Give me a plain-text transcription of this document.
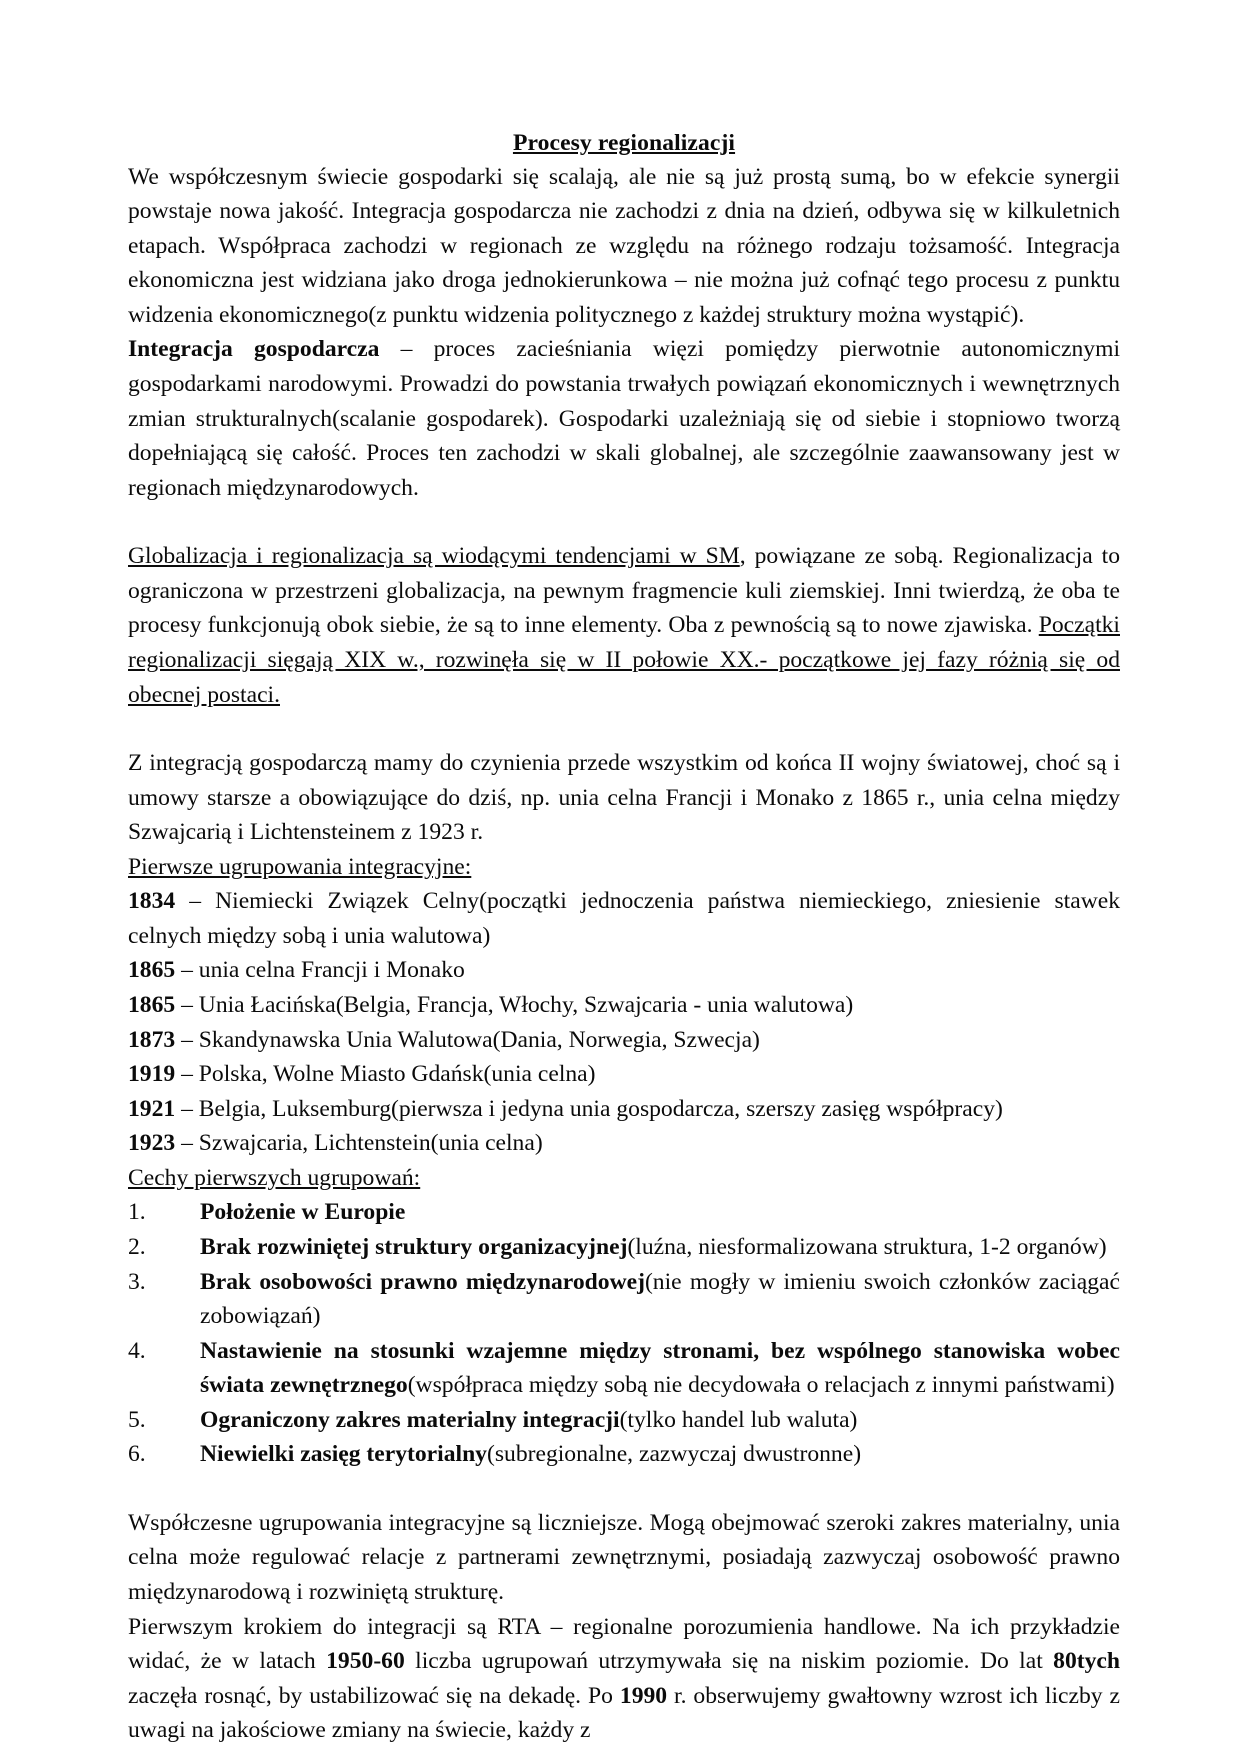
Procesy regionalizacji

We współczesnym świecie gospodarki się scalają, ale nie są już prostą sumą, bo w efekcie synergii powstaje nowa jakość. Integracja gospodarcza nie zachodzi z dnia na dzień, odbywa się w kilkuletnich etapach. Współpraca zachodzi w regionach ze względu na różnego rodzaju tożsamość. Integracja ekonomiczna jest widziana jako droga jednokierunkowa – nie można już cofnąć tego procesu z punktu widzenia ekonomicznego(z punktu widzenia politycznego z każdej struktury można wystąpić).

Integracja gospodarcza – proces zacieśniania więzi pomiędzy pierwotnie autonomicznymi gospodarkami narodowymi. Prowadzi do powstania trwałych powiązań ekonomicznych i wewnętrznych zmian strukturalnych(scalanie gospodarek). Gospodarki uzależniają się od siebie i stopniowo tworzą dopełniającą się całość. Proces ten zachodzi w skali globalnej, ale szczególnie zaawansowany jest w regionach międzynarodowych.

Globalizacja i regionalizacja są wiodącymi tendencjami w SM, powiązane ze sobą. Regionalizacja to ograniczona w przestrzeni globalizacja, na pewnym fragmencie kuli ziemskiej. Inni twierdzą, że oba te procesy funkcjonują obok siebie, że są to inne elementy. Oba z pewnością są to nowe zjawiska. Początki regionalizacji sięgają XIX w., rozwinęła się w II połowie XX.- początkowe jej fazy różnią się od obecnej postaci.

Z integracją gospodarczą mamy do czynienia przede wszystkim od końca II wojny światowej, choć są i umowy starsze a obowiązujące do dziś, np. unia celna Francji i Monako z 1865 r., unia celna między Szwajcarią i Lichtensteinem z 1923 r.

Pierwsze ugrupowania integracyjne:

1834 – Niemiecki Związek Celny(początki jednoczenia państwa niemieckiego, zniesienie stawek celnych między sobą i unia walutowa)

1865 – unia celna Francji i Monako

1865 – Unia Łacińska(Belgia, Francja, Włochy, Szwajcaria - unia walutowa)

1873 – Skandynawska Unia Walutowa(Dania, Norwegia, Szwecja)

1919 – Polska, Wolne Miasto Gdańsk(unia celna)

1921 – Belgia, Luksemburg(pierwsza i jedyna unia gospodarcza, szerszy zasięg współpracy)

1923 – Szwajcaria, Lichtenstein(unia celna)

Cechy pierwszych ugrupowań:

1.	Położenie w Europie
2.	Brak rozwiniętej struktury organizacyjnej(luźna, niesformalizowana struktura, 1-2 organów)
3.	Brak osobowości prawno międzynarodowej(nie mogły w imieniu swoich członków zaciągać zobowiązań)
4.	Nastawienie na stosunki wzajemne między stronami, bez wspólnego stanowiska wobec świata zewnętrznego(współpraca między sobą nie decydowała o relacjach z innymi państwami)
5.	Ograniczony zakres materialny integracji(tylko handel lub waluta)
6.	Niewielki zasięg terytorialny(subregionalne, zazwyczaj dwustronne)

Współczesne ugrupowania integracyjne są liczniejsze. Mogą obejmować szeroki zakres materialny, unia celna może regulować relacje z partnerami zewnętrznymi, posiadają zazwyczaj osobowość prawno międzynarodową i rozwiniętą strukturę.

Pierwszym krokiem do integracji są RTA – regionalne porozumienia handlowe. Na ich przykładzie widać, że w latach 1950-60 liczba ugrupowań utrzymywała się na niskim poziomie. Do lat 80tych zaczęła rosnąć, by ustabilizować się na dekadę. Po 1990 r. obserwujemy gwałtowny wzrost ich liczby z uwagi na jakościowe zmiany na świecie, każdy z
